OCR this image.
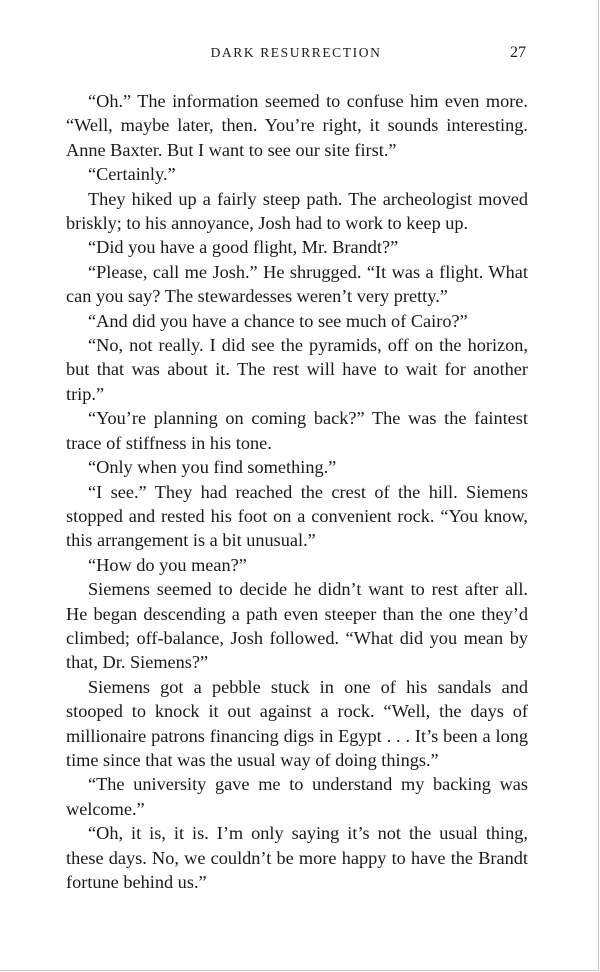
DARK RESURRECTION	27

“Oh.” The information seemed to confuse him even more. “Well, maybe later, then. You’re right, it sounds interesting. Anne Baxter. But I want to see our site first.”

“Certainly.”

They hiked up a fairly steep path. The archeologist moved briskly; to his annoyance, Josh had to work to keep up.

“Did you have a good flight, Mr. Brandt?”

“Please, call me Josh.” He shrugged. “It was a flight. What can you say? The stewardesses weren’t very pretty.”

“And did you have a chance to see much of Cairo?”

“No, not really. I did see the pyramids, off on the horizon, but that was about it. The rest will have to wait for another trip.”

“You’re planning on coming back?” The was the faintest trace of stiffness in his tone.

“Only when you find something.”

“I see.” They had reached the crest of the hill. Siemens stopped and rested his foot on a convenient rock. “You know, this arrangement is a bit unusual.”

“How do you mean?”

Siemens seemed to decide he didn’t want to rest after all. He began descending a path even steeper than the one they’d climbed; off-balance, Josh followed. “What did you mean by that, Dr. Siemens?”

Siemens got a pebble stuck in one of his sandals and stooped to knock it out against a rock. “Well, the days of millionaire patrons financing digs in Egypt . . . It’s been a long time since that was the usual way of doing things.”

“The university gave me to understand my backing was welcome.”

“Oh, it is, it is. I’m only saying it’s not the usual thing, these days. No, we couldn’t be more happy to have the Brandt fortune behind us.”
